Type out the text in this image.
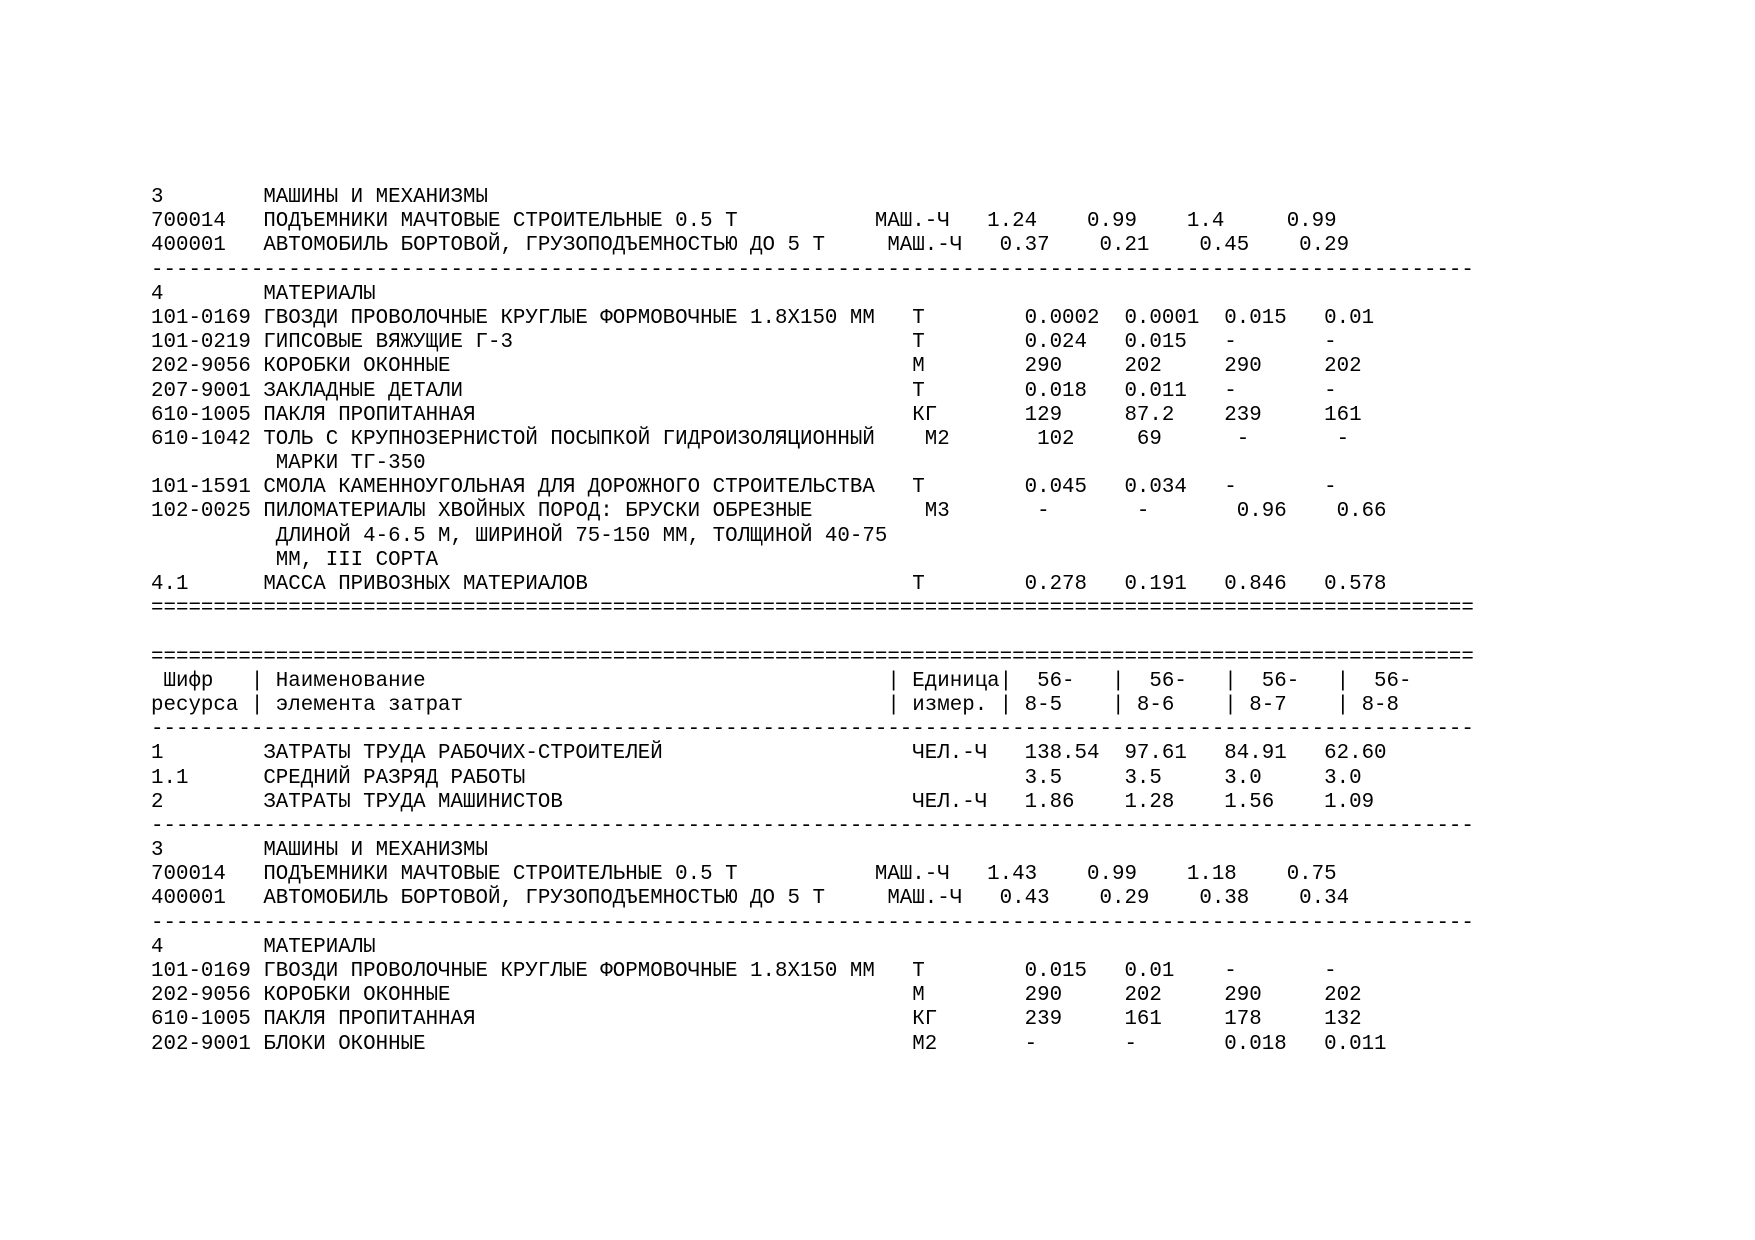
3        МАШИНЫ И МЕХАНИЗМЫ
700014   ПОДЪЕМНИКИ МАЧТОВЫЕ СТРОИТЕЛЬНЫЕ 0.5 Т           МАШ.-Ч   1.24    0.99    1.4     0.99
400001   АВТОМОБИЛЬ БОРТОВОЙ, ГРУЗОПОДЪЕМНОСТЬЮ ДО 5 Т     МАШ.-Ч   0.37    0.21    0.45    0.29
----------------------------------------------------------------------------------------------------------
4        МАТЕРИАЛЫ
101-0169 ГВОЗДИ ПРОВОЛОЧНЫЕ КРУГЛЫЕ ФОРМОВОЧНЫЕ 1.8Х150 ММ   Т        0.0002  0.0001  0.015   0.01
101-0219 ГИПСОВЫЕ ВЯЖУЩИЕ Г-3                                Т        0.024   0.015   -       -
202-9056 КОРОБКИ ОКОННЫЕ                                     М        290     202     290     202
207-9001 ЗАКЛАДНЫЕ ДЕТАЛИ                                    Т        0.018   0.011   -       -
610-1005 ПАКЛЯ ПРОПИТАННАЯ                                   КГ       129     87.2    239     161
610-1042 ТОЛЬ С КРУПНОЗЕРНИСТОЙ ПОСЫПКОЙ ГИДРОИЗОЛЯЦИОННЫЙ    М2       102     69      -       -
МАРКИ ТГ-350
101-1591 СМОЛА КАМЕННОУГОЛЬНАЯ ДЛЯ ДОРОЖНОГО СТРОИТЕЛЬСТВА   Т        0.045   0.034   -       -
102-0025 ПИЛОМАТЕРИАЛЫ ХВОЙНЫХ ПОРОД: БРУСКИ ОБРЕЗНЫЕ         М3       -       -       0.96    0.66
ДЛИНОЙ 4-6.5 М, ШИРИНОЙ 75-150 ММ, ТОЛЩИНОЙ 40-75
ММ, III СОРТА
4.1      МАССА ПРИВОЗНЫХ МАТЕРИАЛОВ                          Т        0.278   0.191   0.846   0.578
==========================================================================================================
==========================================================================================================
Шифр   | Наименование                                     | Единица|  56-   |  56-   |  56-   |  56-
ресурса | элемента затрат                                  | измер. | 8-5    | 8-6    | 8-7    | 8-8
----------------------------------------------------------------------------------------------------------
1        ЗАТРАТЫ ТРУДА РАБОЧИХ-СТРОИТЕЛЕЙ                    ЧЕЛ.-Ч   138.54  97.61   84.91   62.60
1.1      СРЕДНИЙ РАЗРЯД РАБОТЫ                                        3.5     3.5     3.0     3.0
2        ЗАТРАТЫ ТРУДА МАШИНИСТОВ                            ЧЕЛ.-Ч   1.86    1.28    1.56    1.09
----------------------------------------------------------------------------------------------------------
3        МАШИНЫ И МЕХАНИЗМЫ
700014   ПОДЪЕМНИКИ МАЧТОВЫЕ СТРОИТЕЛЬНЫЕ 0.5 Т           МАШ.-Ч   1.43    0.99    1.18    0.75
400001   АВТОМОБИЛЬ БОРТОВОЙ, ГРУЗОПОДЪЕМНОСТЬЮ ДО 5 Т     МАШ.-Ч   0.43    0.29    0.38    0.34
----------------------------------------------------------------------------------------------------------
4        МАТЕРИАЛЫ
101-0169 ГВОЗДИ ПРОВОЛОЧНЫЕ КРУГЛЫЕ ФОРМОВОЧНЫЕ 1.8Х150 ММ   Т        0.015   0.01    -       -
202-9056 КОРОБКИ ОКОННЫЕ                                     М        290     202     290     202
610-1005 ПАКЛЯ ПРОПИТАННАЯ                                   КГ       239     161     178     132
202-9001 БЛОКИ ОКОННЫЕ                                       М2       -       -       0.018   0.011
